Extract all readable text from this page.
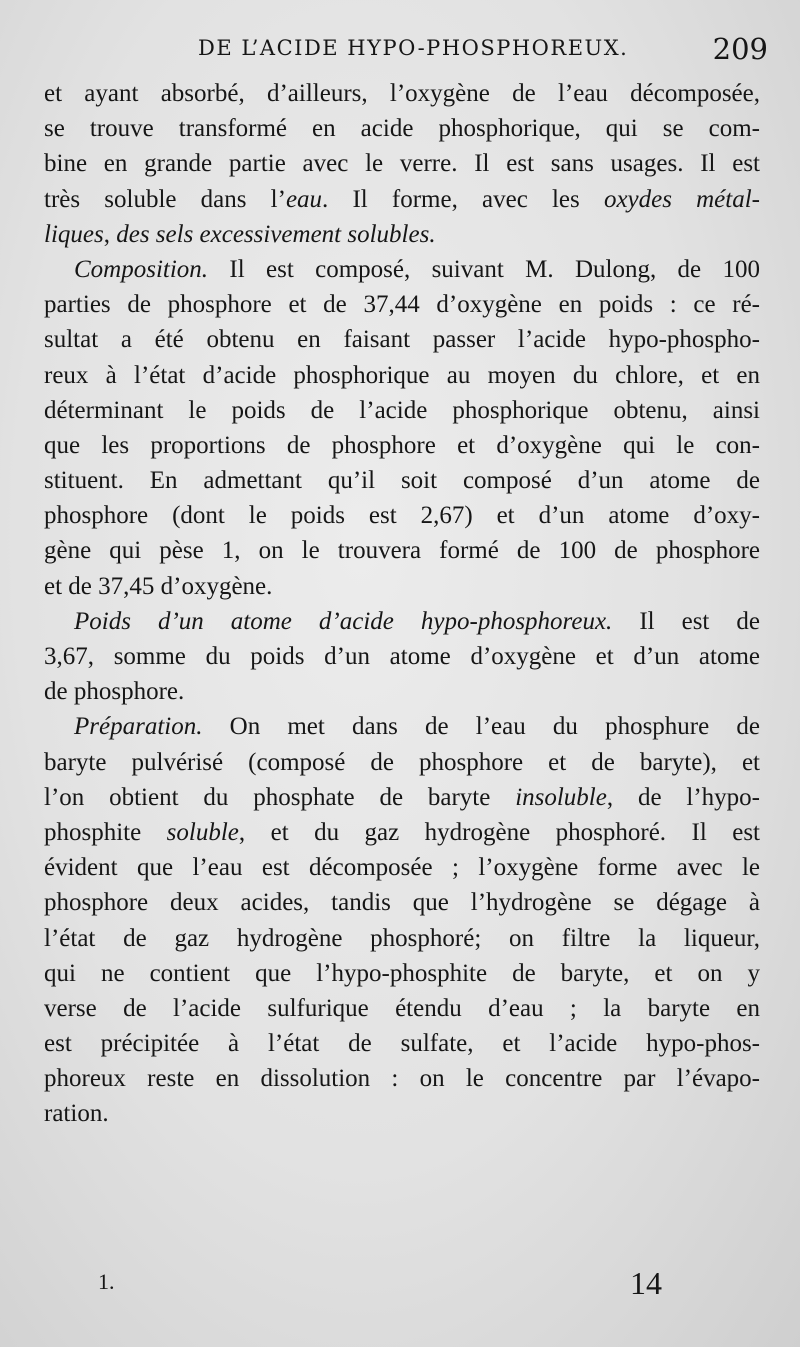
DE L’ACIDE HYPO-PHOSPHOREUX.	209
et ayant absorbé, d’ailleurs, l’oxygène de l’eau décomposée,
se trouve transformé en acide phosphorique, qui se com-
bine en grande partie avec le verre. Il est sans usages. Il est
très soluble dans l’eau. Il forme, avec les oxydes métal-
liques, des sels excessivement solubles.
Composition. Il est composé, suivant M. Dulong, de 100
parties de phosphore et de 37,44 d’oxygène en poids : ce ré-
sultat a été obtenu en faisant passer l’acide hypo-phospho-
reux à l’état d’acide phosphorique au moyen du chlore, et en
déterminant le poids de l’acide phosphorique obtenu, ainsi
que les proportions de phosphore et d’oxygène qui le con-
stituent. En admettant qu’il soit composé d’un atome de
phosphore (dont le poids est 2,67) et d’un atome d’oxy-
gène qui pèse 1, on le trouvera formé de 100 de phosphore
et de 37,45 d’oxygène.
Poids d’un atome d’acide hypo-phosphoreux. Il est de
3,67, somme du poids d’un atome d’oxygène et d’un atome
de phosphore.
Préparation. On met dans de l’eau du phosphure de
baryte pulvérisé (composé de phosphore et de baryte), et
l’on obtient du phosphate de baryte insoluble, de l’hypo-
phosphite soluble, et du gaz hydrogène phosphoré. Il est
évident que l’eau est décomposée ; l’oxygène forme avec le
phosphore deux acides, tandis que l’hydrogène se dégage à
l’état de gaz hydrogène phosphoré; on filtre la liqueur,
qui ne contient que l’hypo-phosphite de baryte, et on y
verse de l’acide sulfurique étendu d’eau ; la baryte en
est précipitée à l’état de sulfate, et l’acide hypo-phos-
phoreux reste en dissolution : on le concentre par l’évapo-
ration.
1.	14
